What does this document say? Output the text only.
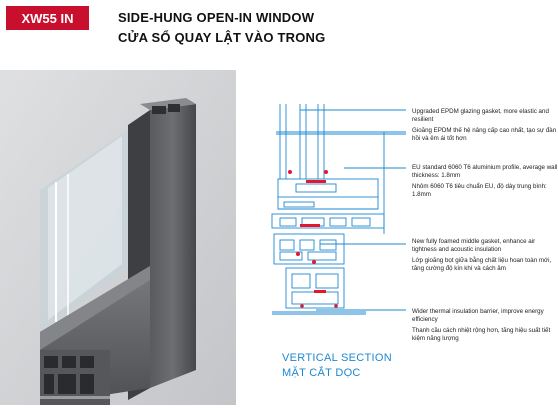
XW55 IN	SIDE-HUNG OPEN-IN WINDOW
CỬA SỔ QUAY LẬT VÀO TRONG

Upgraded EPDM glazing gasket, more elastic and resilient

Gioăng EPDM thế hệ nâng cấp cao nhất, tạo sự đàn hồi và êm ái tốt hơn

EU standard 6060 T6 aluminium profile, average wall thickness: 1.8mm

Nhôm 6060 T6 tiêu chuẩn EU, độ dày trung bình: 1.8mm

New fully foamed middle gasket, enhance air tightness and acoustic insulation

Lớp gioăng bọt giữa bằng chất liệu hoan toàn mới, tăng cường độ kín khí và cách âm

Wider thermal insulation barrier, improve energy efficiency

Thanh cầu cách nhiệt rộng hơn, tăng hiệu suất tiết kiệm năng lượng

VERTICAL SECTION
MẶT CẮT DỌC
